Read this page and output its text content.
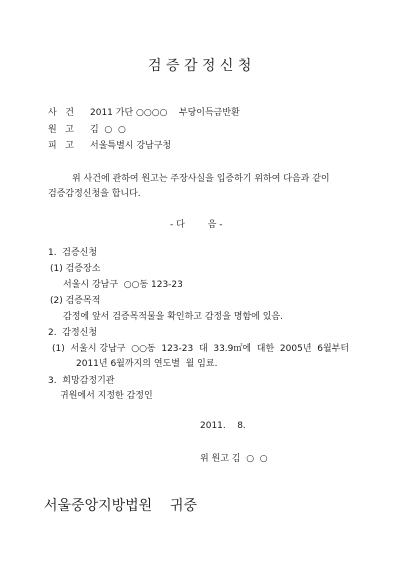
검 증 감 정 신 청
사   건 2011 가단 ○○○○    부당이득금반환
원   고 김  ○  ○
피   고 서울특별시 강남구청
위 사건에 관하여 원고는 주장사실을 입증하기 위하여 다음과 같이
검증감정신청을 합니다.
- 다        음 -
1.  검증신청
(1) 검증장소
서울시 강남구  ○○동 123-23
(2) 검증목적
감정에 앞서 검증목적물을 확인하고 감정을 명함에 있음.
2.  감정신청
(1)  서울시 강남구  ○○동  123-23  대  33.9㎡에  대한  2005년  6월부터
2011년 6월까지의 연도별  월 임료.
3.  희망감정기관
귀원에서 지정한 감정인
2011.    8.
위 원고 김  ○  ○
서울중앙지방법원    귀중
